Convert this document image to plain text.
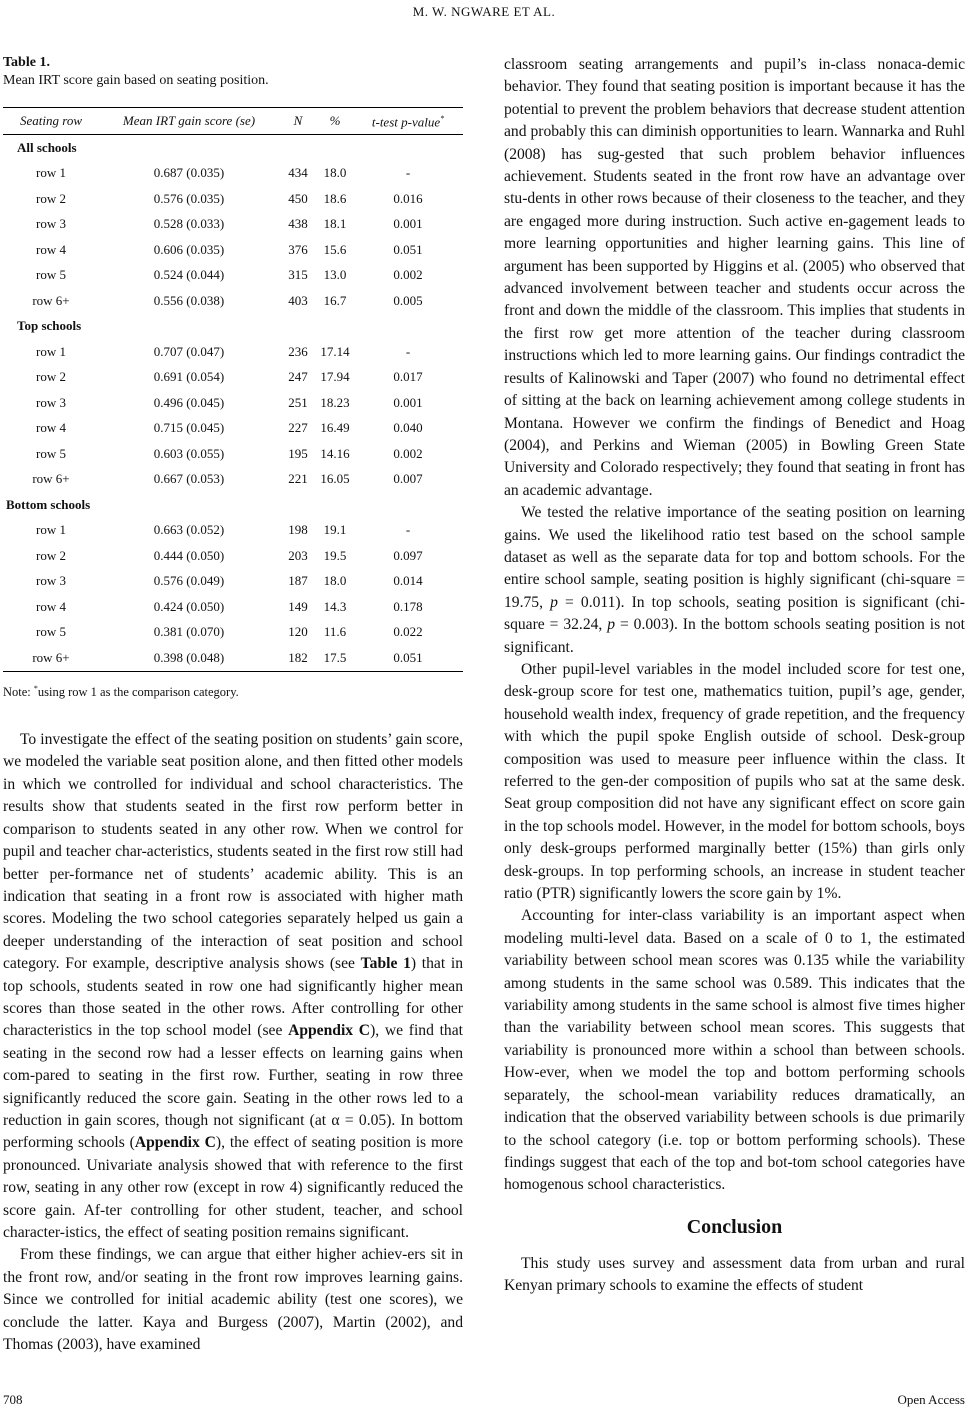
M. W. NGWARE ET AL.
Table 1.
Mean IRT score gain based on seating position.
Seating row	Mean IRT gain score (se)	N	%	t-test p-value*
All schools				
row 1	0.687 (0.035)	434	18.0	-
row 2	0.576 (0.035)	450	18.6	0.016
row 3	0.528 (0.033)	438	18.1	0.001
row 4	0.606 (0.035)	376	15.6	0.051
row 5	0.524 (0.044)	315	13.0	0.002
row 6+	0.556 (0.038)	403	16.7	0.005
Top schools				
row 1	0.707 (0.047)	236	17.14	-
row 2	0.691 (0.054)	247	17.94	0.017
row 3	0.496 (0.045)	251	18.23	0.001
row 4	0.715 (0.045)	227	16.49	0.040
row 5	0.603 (0.055)	195	14.16	0.002
row 6+	0.667 (0.053)	221	16.05	0.007
Bottom schools				
row 1	0.663 (0.052)	198	19.1	-
row 2	0.444 (0.050)	203	19.5	0.097
row 3	0.576 (0.049)	187	18.0	0.014
row 4	0.424 (0.050)	149	14.3	0.178
row 5	0.381 (0.070)	120	11.6	0.022
row 6+	0.398 (0.048)	182	17.5	0.051
Note: *using row 1 as the comparison category.

To investigate the effect of the seating position on students’ gain score, we modeled the variable seat position alone, and then fitted other models in which we controlled for individual and school characteristics. The results show that students seated in the first row perform better in comparison to students seated in any other row. When we control for pupil and teacher char-acteristics, students seated in the first row still had better per-formance net of students’ academic ability. This is an indication that seating in a front row is associated with higher math scores. Modeling the two school categories separately helped us gain a deeper understanding of the interaction of seat position and school category. For example, descriptive analysis shows (see Table 1) that in top schools, students seated in row one had significantly higher mean scores than those seated in the other rows. After controlling for other characteristics in the top school model (see Appendix C), we find that seating in the second row had a lesser effects on learning gains when com-pared to seating in the first row. Further, seating in row three significantly reduced the score gain. Seating in the other rows led to a reduction in gain scores, though not significant (at α = 0.05). In bottom performing schools (Appendix C), the effect of seating position is more pronounced. Univariate analysis showed that with reference to the first row, seating in any other row (except in row 4) significantly reduced the score gain. Af-ter controlling for other student, teacher, and school character-istics, the effect of seating position remains significant.

From these findings, we can argue that either higher achiev-ers sit in the front row, and/or seating in the front row improves learning gains. Since we controlled for initial academic ability (test one scores), we conclude the latter. Kaya and Burgess (2007), Martin (2002), and Thomas (2003), have examined

classroom seating arrangements and pupil’s in-class nonaca-demic behavior. They found that seating position is important because it has the potential to prevent the problem behaviors that decrease student attention and probably this can diminish opportunities to learn. Wannarka and Ruhl (2008) has sug-gested that such problem behavior influences achievement. Students seated in the front row have an advantage over stu-dents in other rows because of their closeness to the teacher, and they are engaged more during instruction. Such active en-gagement leads to more learning opportunities and higher learning gains. This line of argument has been supported by Higgins et al. (2005) who observed that advanced involvement between teacher and students occur across the front and down the middle of the classroom. This implies that students in the first row get more attention of the teacher during classroom instructions which led to more learning gains. Our findings contradict the results of Kalinowski and Taper (2007) who found no detrimental effect of sitting at the back on learning achievement among college students in Montana. However we confirm the findings of Benedict and Hoag (2004), and Perkins and Wieman (2005) in Bowling Green State University and Colorado respectively; they found that seating in front has an academic advantage.

We tested the relative importance of the seating position on learning gains. We used the likelihood ratio test based on the school sample dataset as well as the separate data for top and bottom schools. For the entire school sample, seating position is highly significant (chi-square = 19.75, p = 0.011). In top schools, seating position is significant (chi-square = 32.24, p = 0.003). In the bottom schools seating position is not significant.

Other pupil-level variables in the model included score for test one, desk-group score for test one, mathematics tuition, pupil’s age, gender, household wealth index, frequency of grade repetition, and the frequency with which the pupil spoke English outside of school. Desk-group composition was used to measure peer influence within the class. It referred to the gen-der composition of pupils who sat at the same desk. Seat group composition did not have any significant effect on score gain in the top schools model. However, in the model for bottom schools, boys only desk-groups performed marginally better (15%) than girls only desk-groups. In top performing schools, an increase in student teacher ratio (PTR) significantly lowers the score gain by 1%.

Accounting for inter-class variability is an important aspect when modeling multi-level data. Based on a scale of 0 to 1, the estimated variability between school mean scores was 0.135 while the variability among students in the same school was 0.589. This indicates that the variability among students in the same school is almost five times higher than the variability between school mean scores. This suggests that variability is pronounced more within a school than between schools. How-ever, when we model the top and bottom performing schools separately, the school-mean variability reduces dramatically, an indication that the observed variability between schools is due primarily to the school category (i.e. top or bottom performing schools). These findings suggest that each of the top and bot-tom school categories have homogenous school characteristics.

Conclusion

This study uses survey and assessment data from urban and rural Kenyan primary schools to examine the effects of student

708	Open Access
